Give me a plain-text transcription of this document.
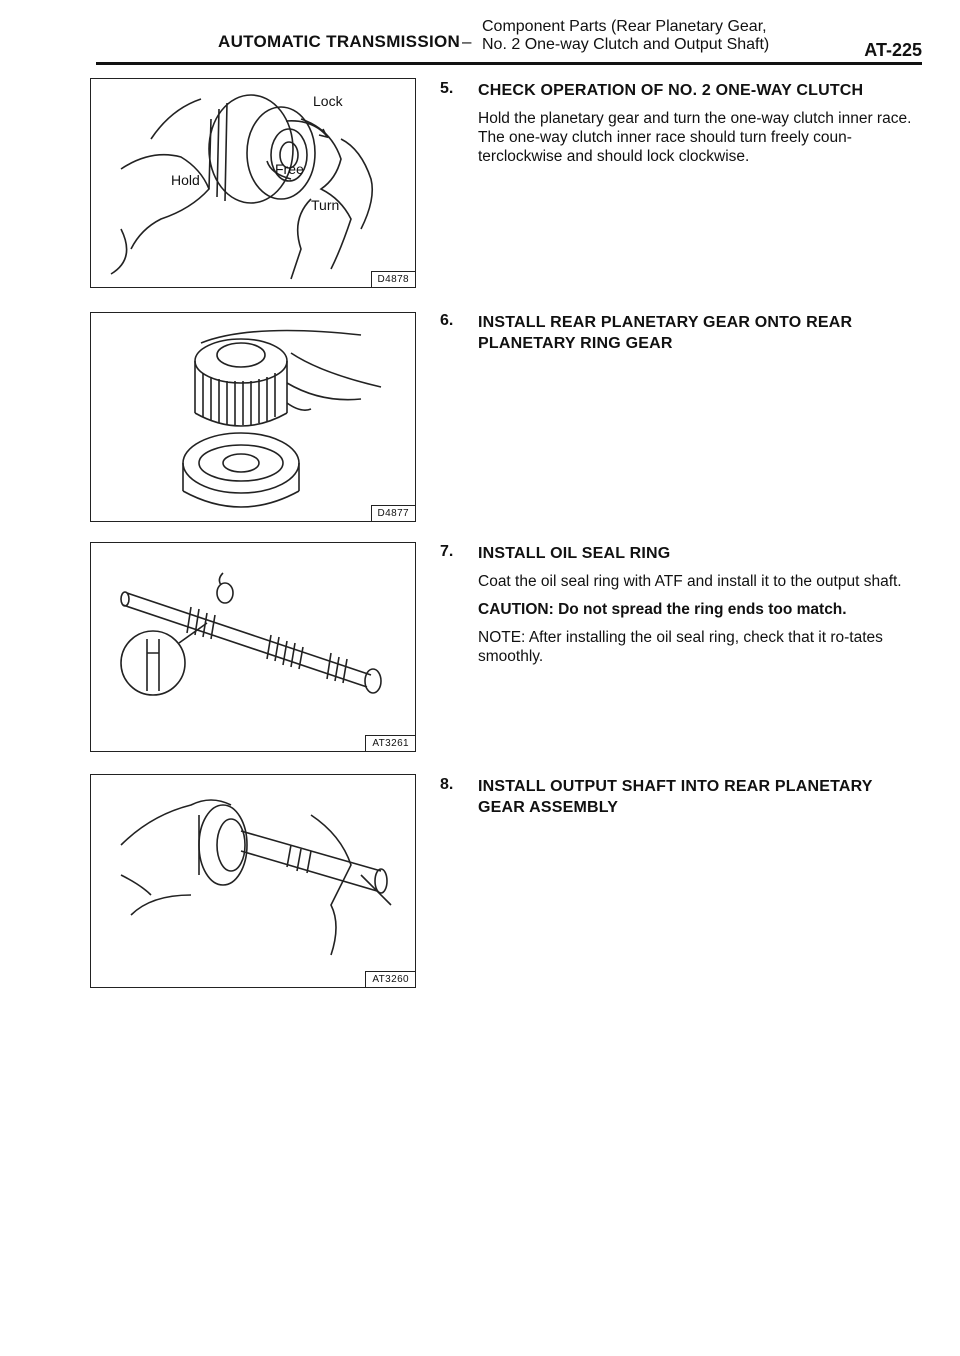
AUTOMATIC TRANSMISSION –
Component Parts (Rear Planetary Gear,
No. 2 One-way Clutch and Output Shaft)	AT-225
Lock
Free
Hold
Turn
D4878
D4877
AT3261
AT3260
5. CHECK OPERATION OF NO. 2 ONE-WAY CLUTCH

Hold the planetary gear and turn the one-way clutch inner race. The one-way clutch inner race should turn freely coun-terclockwise and should lock clockwise.

6. INSTALL REAR PLANETARY GEAR ONTO REAR PLANETARY RING GEAR
7. INSTALL OIL SEAL RING

Coat the oil seal ring with ATF and install it to the output shaft.

CAUTION: Do not spread the ring ends too match.

NOTE: After installing the oil seal ring, check that it ro-tates smoothly.

8. INSTALL OUTPUT SHAFT INTO REAR PLANETARY GEAR ASSEMBLY
